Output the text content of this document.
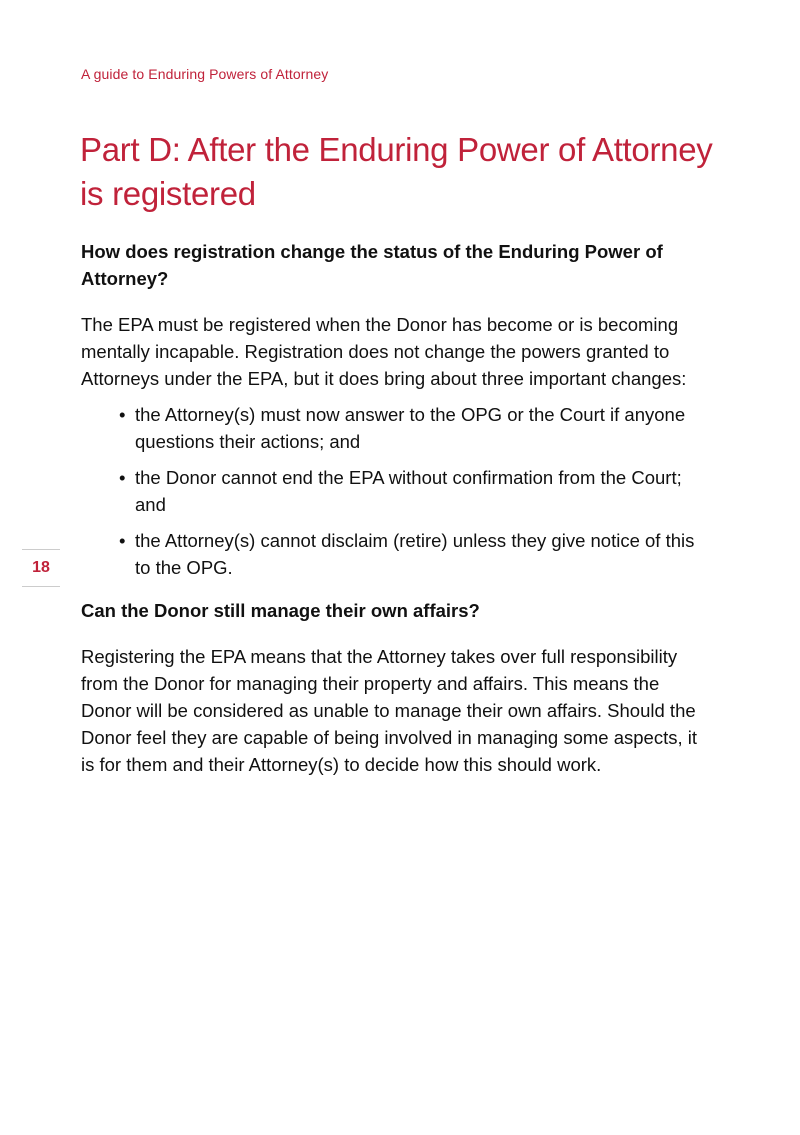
A guide to Enduring Powers of Attorney
Part D: After the Enduring Power of Attorney is registered
How does registration change the status of the Enduring Power of Attorney?

The EPA must be registered when the Donor has become or is becoming mentally incapable. Registration does not change the powers granted to Attorneys under the EPA, but it does bring about three important changes:

• the Attorney(s) must now answer to the OPG or the Court if anyone questions their actions; and
• the Donor cannot end the EPA without confirmation from the Court; and
• the Attorney(s) cannot disclaim (retire) unless they give notice of this to the OPG.
Can the Donor still manage their own affairs?

Registering the EPA means that the Attorney takes over full responsibility from the Donor for managing their property and affairs. This means the Donor will be considered as unable to manage their own affairs. Should the Donor feel they are capable of being involved in managing some aspects, it is for them and their Attorney(s) to decide how this should work.

18
